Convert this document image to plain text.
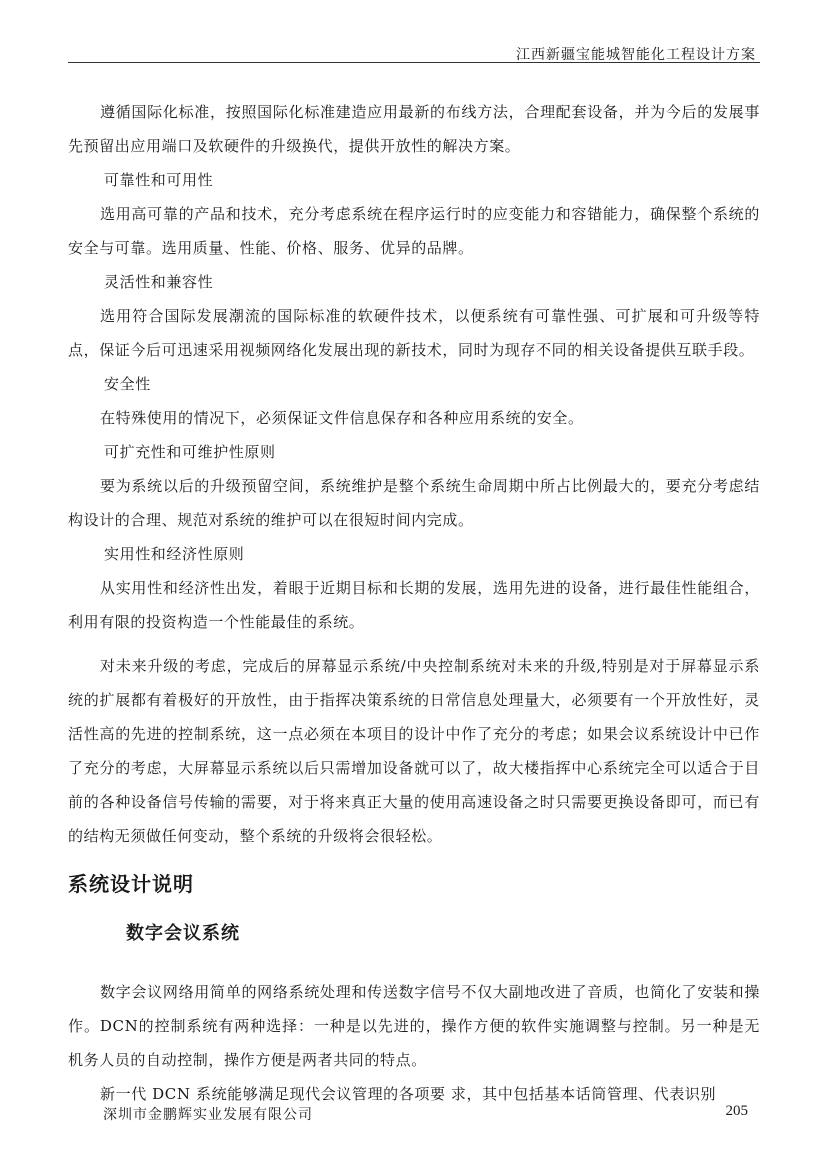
江西新疆宝能城智能化工程设计方案

遵循国际化标准，按照国际化标准建造应用最新的布线方法，合理配套设备，并为今后的发展事先预留出应用端口及软硬件的升级换代，提供开放性的解决方案。

可靠性和可用性

选用高可靠的产品和技术，充分考虑系统在程序运行时的应变能力和容错能力，确保整个系统的安全与可靠。选用质量、性能、价格、服务、优异的品牌。

灵活性和兼容性

选用符合国际发展潮流的国际标准的软硬件技术，以便系统有可靠性强、可扩展和可升级等特点，保证今后可迅速采用视频网络化发展出现的新技术，同时为现存不同的相关设备提供互联手段。

安全性

在特殊使用的情况下，必须保证文件信息保存和各种应用系统的安全。

可扩充性和可维护性原则

要为系统以后的升级预留空间，系统维护是整个系统生命周期中所占比例最大的，要充分考虑结构设计的合理、规范对系统的维护可以在很短时间内完成。

实用性和经济性原则

从实用性和经济性出发，着眼于近期目标和长期的发展，选用先进的设备，进行最佳性能组合，利用有限的投资构造一个性能最佳的系统。

对未来升级的考虑，完成后的屏幕显示系统/中央控制系统对未来的升级,特别是对于屏幕显示系统的扩展都有着极好的开放性，由于指挥决策系统的日常信息处理量大，必须要有一个开放性好，灵活性高的先进的控制系统，这一点必须在本项目的设计中作了充分的考虑；如果会议系统设计中已作了充分的考虑，大屏幕显示系统以后只需增加设备就可以了，故大楼指挥中心系统完全可以适合于目前的各种设备信号传输的需要，对于将来真正大量的使用高速设备之时只需要更换设备即可，而已有的结构无须做任何变动，整个系统的升级将会很轻松。

系统设计说明
数字会议系统

数字会议网络用简单的网络系统处理和传送数字信号不仅大副地改进了音质，也简化了安装和操作。DCN的控制系统有两种选择：一种是以先进的，操作方便的软件实施调整与控制。另一种是无机务人员的自动控制，操作方便是两者共同的特点。

新一代 DCN 系统能够满足现代会议管理的各项要 求，其中包括基本话筒管理、代表识别

深圳市金鹏辉实业发展有限公司	205
